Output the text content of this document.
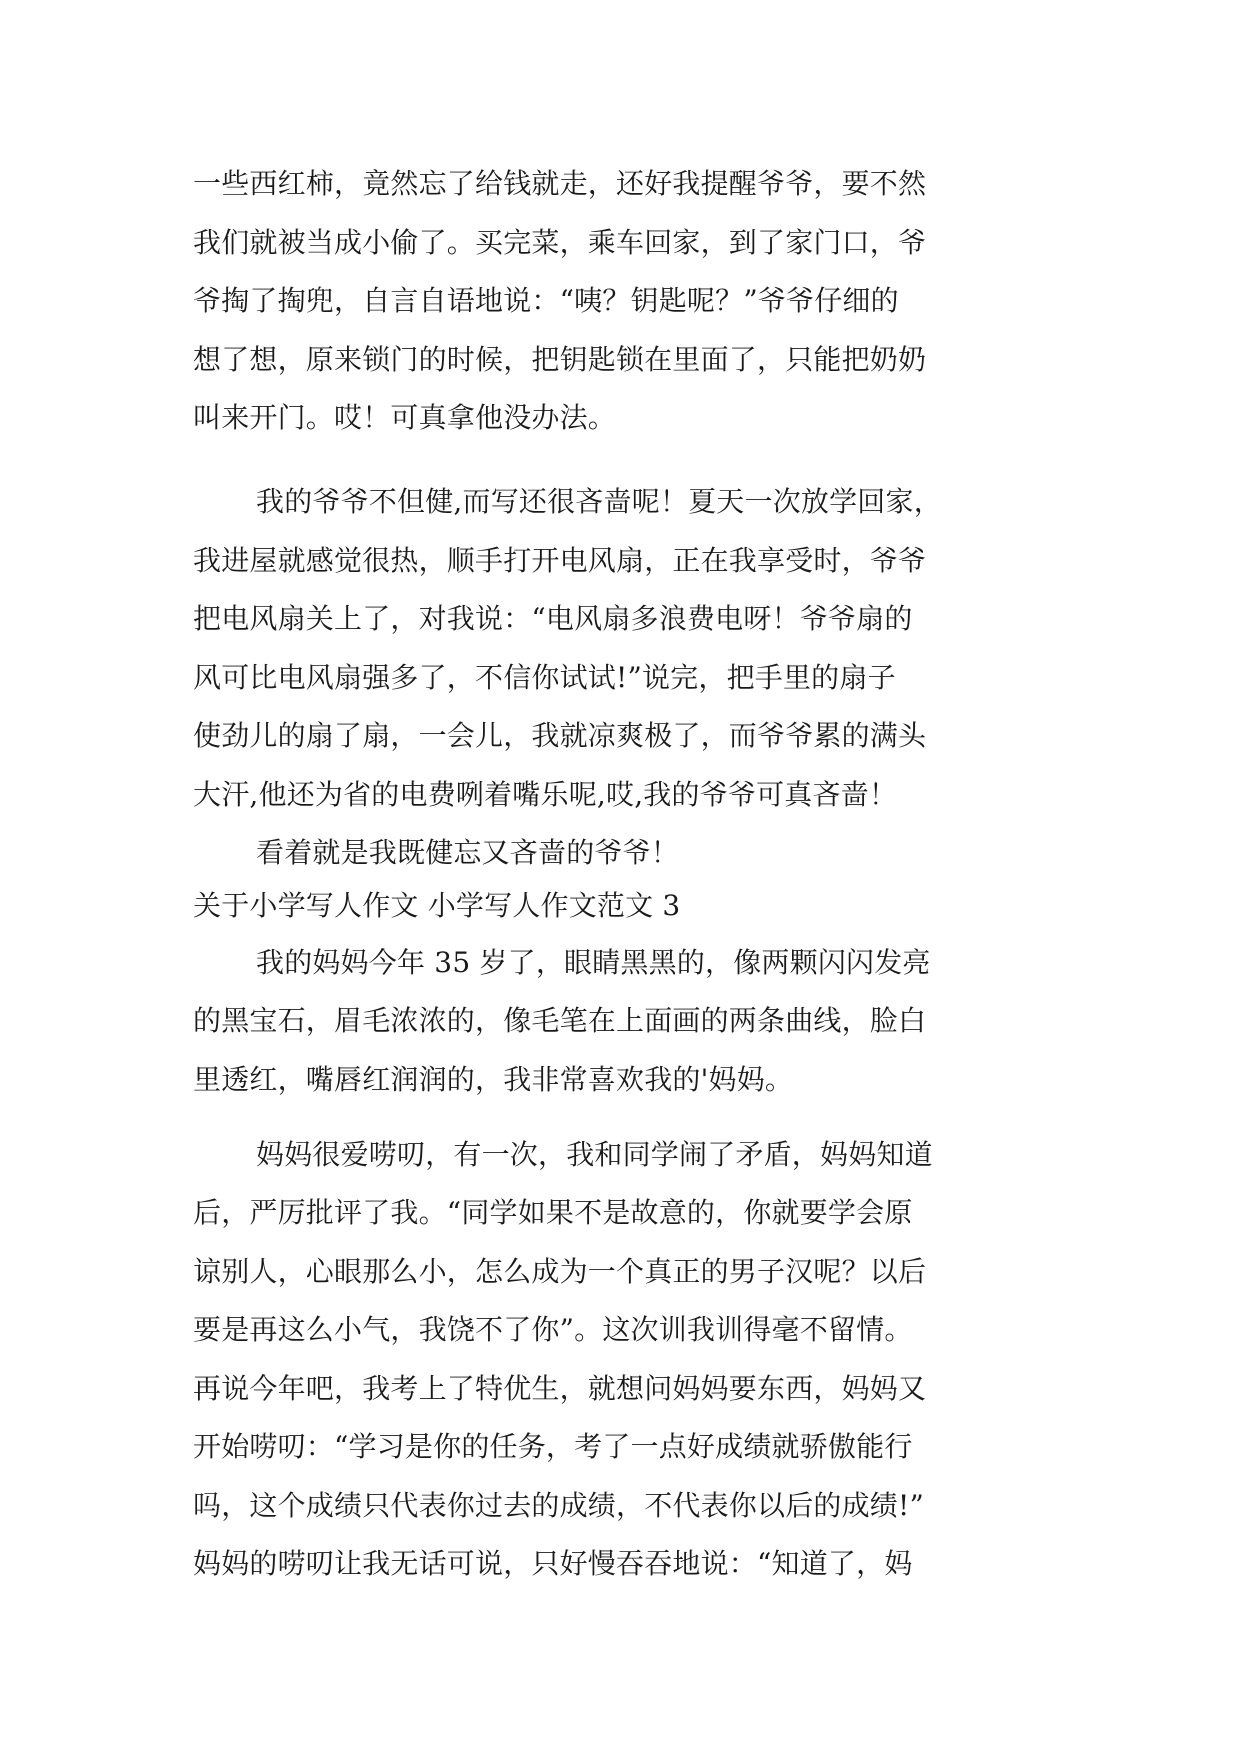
一些西红柿，竟然忘了给钱就走，还好我提醒爷爷，要不然
我们就被当成小偷了。买完菜，乘车回家，到了家门口，爷
爷掏了掏兜，自言自语地说：“咦？钥匙呢？”爷爷仔细的
想了想，原来锁门的时候，把钥匙锁在里面了，只能把奶奶
叫来开门。哎！可真拿他没办法。
我的爷爷不但健,而写还很吝啬呢！夏天一次放学回家，
我进屋就感觉很热，顺手打开电风扇，正在我享受时，爷爷
把电风扇关上了，对我说：“电风扇多浪费电呀！爷爷扇的
风可比电风扇强多了，不信你试试!”说完，把手里的扇子
使劲儿的扇了扇，一会儿，我就凉爽极了，而爷爷累的满头
大汗,他还为省的电费咧着嘴乐呢,哎,我的爷爷可真吝啬！
看着就是我既健忘又吝啬的爷爷！
关于小学写人作文 小学写人作文范文 3
我的妈妈今年 35 岁了，眼睛黑黑的，像两颗闪闪发亮
的黑宝石，眉毛浓浓的，像毛笔在上面画的两条曲线，脸白
里透红，嘴唇红润润的，我非常喜欢我的'妈妈。
妈妈很爱唠叨，有一次，我和同学闹了矛盾，妈妈知道
后，严厉批评了我。“同学如果不是故意的，你就要学会原
谅别人，心眼那么小，怎么成为一个真正的男子汉呢？以后
要是再这么小气，我饶不了你”。这次训我训得毫不留情。
再说今年吧，我考上了特优生，就想问妈妈要东西，妈妈又
开始唠叨：“学习是你的任务，考了一点好成绩就骄傲能行
吗，这个成绩只代表你过去的成绩，不代表你以后的成绩!”
妈妈的唠叨让我无话可说，只好慢吞吞地说：“知道了，妈
